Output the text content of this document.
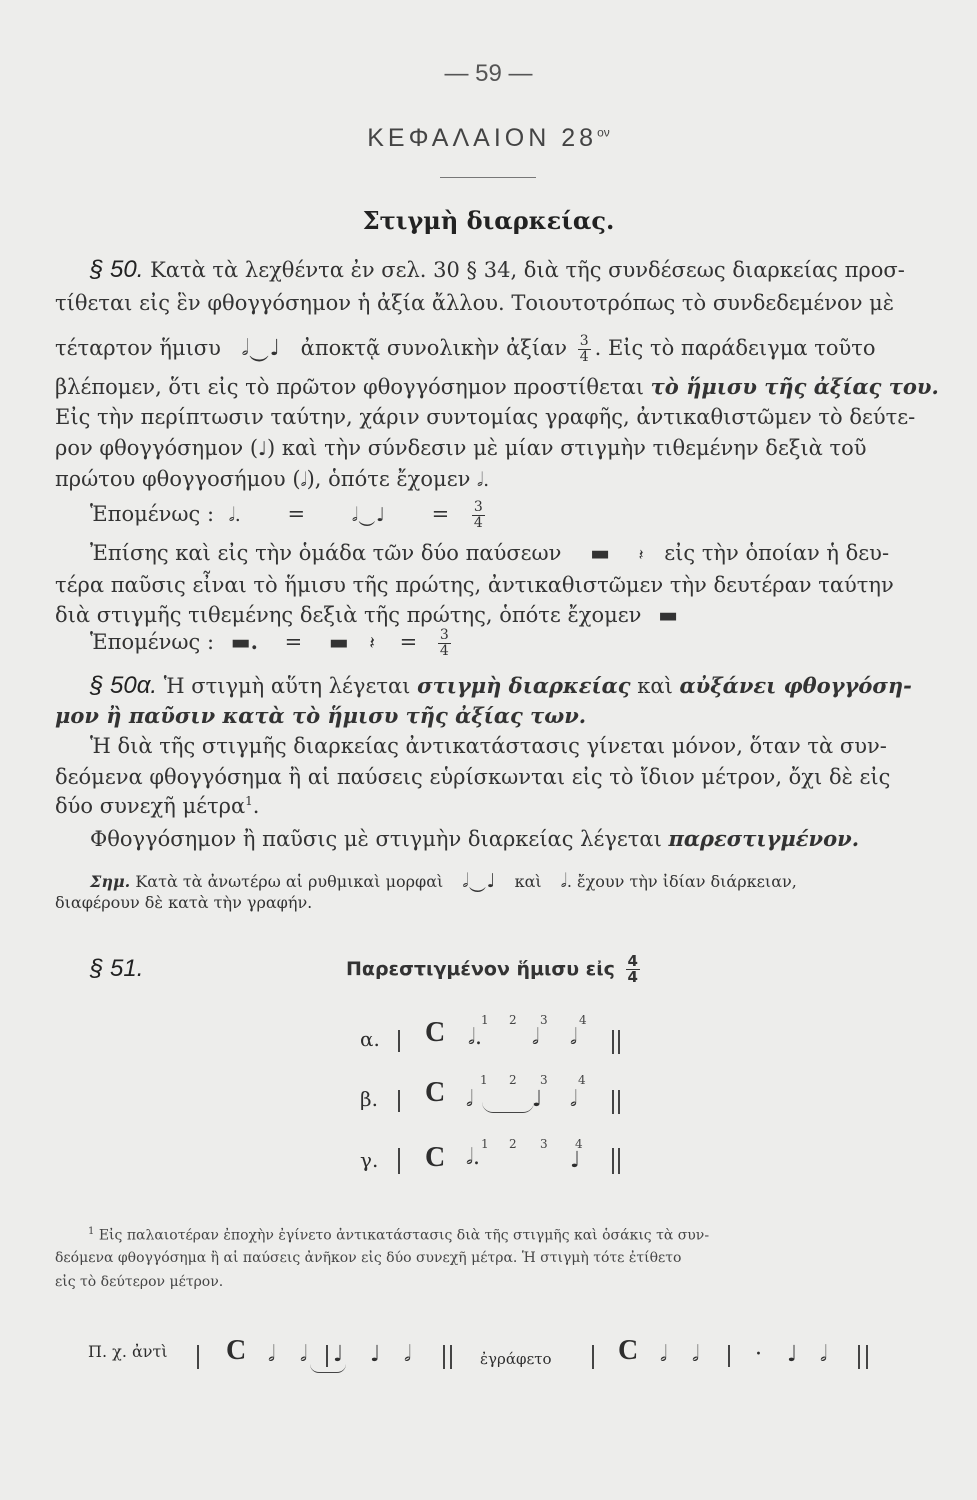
— 59 —
ΚΕΦΑΛΑΙΟΝ $28^{o\nu}$
Στιγμὴ διαρκείας.
§ 50. Κατὰ τὰ λεχθέντα ἐν σελ. 30 § 34, διὰ τῆς συνδέσεως διαρκείας προσ-
τίθεται εἰς ἓν φθογγόσημον ἡ ἀξία ἄλλου. Τοιουτοτρόπως τὸ συνδεδεμένον μὲ
τέταρτον ἥμισυ 𝅗𝅥‿♩ ἀποκτᾷ συνολικὴν ἀξίαν $\frac{3}{4}$ . Εἰς τὸ παράδειγμα τοῦτο
βλέπομεν, ὅτι εἰς τὸ πρῶτον φθογγόσημον προστίθεται τὸ ἥμισυ τῆς ἀξίας του.
Εἰς τὴν περίπτωσιν ταύτην, χάριν συντομίας γραφῆς, ἀντικαθιστῶμεν τὸ δεύτε-
ρον φθογγόσημον (♩) καὶ τὴν σύνδεσιν μὲ μίαν στιγμὴν τιθεμένην δεξιὰ τοῦ
πρώτου φθογγοσήμου (𝅗𝅥), ὁπότε ἔχομεν 𝅗𝅥.
Ἑπομένως : 𝅗𝅥. = 𝅗𝅥‿♩ = $\frac{3}{4}$
Ἐπίσης καὶ εἰς τὴν ὁμάδα τῶν δύο παύσεων ▬ 𝄽 εἰς τὴν ὁποίαν ἡ δευ-
τέρα παῦσις εἶναι τὸ ἥμισυ τῆς πρώτης, ἀντικαθιστῶμεν τὴν δευτέραν ταύτην
διὰ στιγμῆς τιθεμένης δεξιὰ τῆς πρώτης, ὁπότε ἔχομεν ▬
Ἑπομένως : ▬. = ▬ 𝄽 = $\frac{3}{4}$
§ 50α. Ἡ στιγμὴ αὕτη λέγεται στιγμὴ διαρκείας καὶ αὐξάνει φθογγόση-
μον ἢ παῦσιν κατὰ τὸ ἥμισυ τῆς ἀξίας των.
Ἡ διὰ τῆς στιγμῆς διαρκείας ἀντικατάστασις γίνεται μόνον, ὅταν τὰ συν-
δεόμενα φθογγόσημα ἢ αἱ παύσεις εὑρίσκωνται εἰς τὸ ἴδιον μέτρον, ὄχι δὲ εἰς
δύο συνεχῆ μέτρα$^1$.
Φθογγόσημον ἢ παῦσις μὲ στιγμὴν διαρκείας λέγεται παρεστιγμένον.
Σημ. Κατὰ τὰ ἀνωτέρω αἱ ρυθμικαὶ μορφαὶ 𝅗𝅥‿♩ καὶ 𝅗𝅥. ἔχουν τὴν ἰδίαν διάρκειαν,
διαφέρουν δὲ κατὰ τὴν γραφήν.
§ 51.	Παρεστιγμένον ἥμισυ εἰς $\frac{4}{4}$
α. C	1 2 3	4
𝅗𝅥. 𝅗𝅥 𝅗𝅥
β. C	1 2 3	4
𝅗𝅥	♩ 𝅗𝅥
γ. C	1 2 3 4
𝅗𝅥.	♩
$^1$ Εἰς παλαιοτέραν ἐποχὴν ἐγίνετο ἀντικατάστασις διὰ τῆς στιγμῆς καὶ ὁσάκις τὰ συν-
δεόμενα φθογγόσημα ἢ αἱ παύσεις ἀνῆκον εἰς δύο συνεχῆ μέτρα. Ἡ στιγμὴ τότε ἐτίθετο
εἰς τὸ δεύτερον μέτρον.
Π. χ. ἀντὶ C 𝅗𝅥 𝅗𝅥 ♩ ♩ 𝅗𝅥	ἐγράφετο C 𝅗𝅥 𝅗𝅥	· ♩ 𝅗𝅥
